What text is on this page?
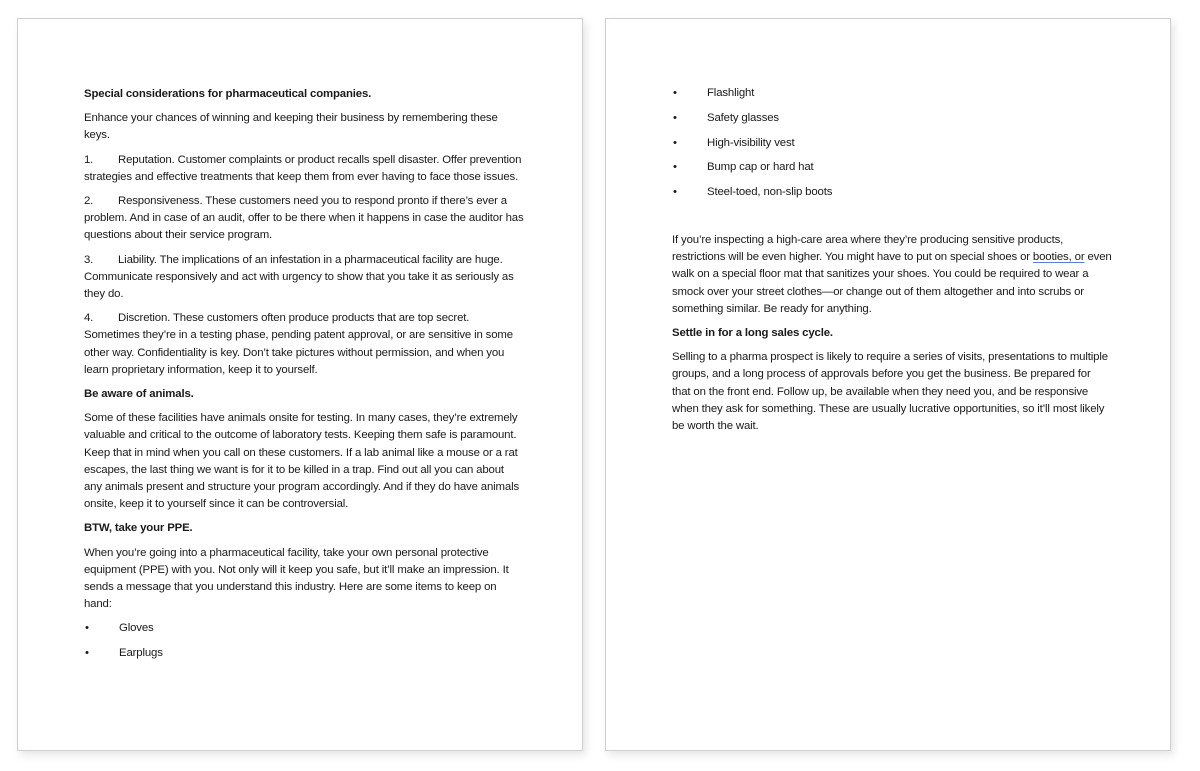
Special considerations for pharmaceutical companies.

Enhance your chances of winning and keeping their business by remembering these keys.

1. Reputation. Customer complaints or product recalls spell disaster. Offer prevention strategies and effective treatments that keep them from ever having to face those issues.

2. Responsiveness. These customers need you to respond pronto if there’s ever a problem. And in case of an audit, offer to be there when it happens in case the auditor has questions about their service program.

3. Liability. The implications of an infestation in a pharmaceutical facility are huge. Communicate responsively and act with urgency to show that you take it as seriously as they do.

4. Discretion. These customers often produce products that are top secret. Sometimes they’re in a testing phase, pending patent approval, or are sensitive in some other way. Confidentiality is key. Don’t take pictures without permission, and when you learn proprietary information, keep it to yourself.

Be aware of animals.

Some of these facilities have animals onsite for testing. In many cases, they’re extremely valuable and critical to the outcome of laboratory tests. Keeping them safe is paramount. Keep that in mind when you call on these customers. If a lab animal like a mouse or a rat escapes, the last thing we want is for it to be killed in a trap. Find out all you can about any animals present and structure your program accordingly. And if they do have animals onsite, keep it to yourself since it can be controversial.

BTW, take your PPE.

When you’re going into a pharmaceutical facility, take your own personal protective equipment (PPE) with you. Not only will it keep you safe, but it’ll make an impression. It sends a message that you understand this industry. Here are some items to keep on hand:

•	Gloves
•	Earplugs
•	Flashlight
•	Safety glasses
•	High-visibility vest
•	Bump cap or hard hat
•	Steel-toed, non-slip boots

If you’re inspecting a high-care area where they’re producing sensitive products, restrictions will be even higher. You might have to put on special shoes or booties, or even walk on a special floor mat that sanitizes your shoes. You could be required to wear a smock over your street clothes—or change out of them altogether and into scrubs or something similar. Be ready for anything.

Settle in for a long sales cycle.

Selling to a pharma prospect is likely to require a series of visits, presentations to multiple groups, and a long process of approvals before you get the business. Be prepared for that on the front end. Follow up, be available when they need you, and be responsive when they ask for something. These are usually lucrative opportunities, so it’ll most likely be worth the wait.
